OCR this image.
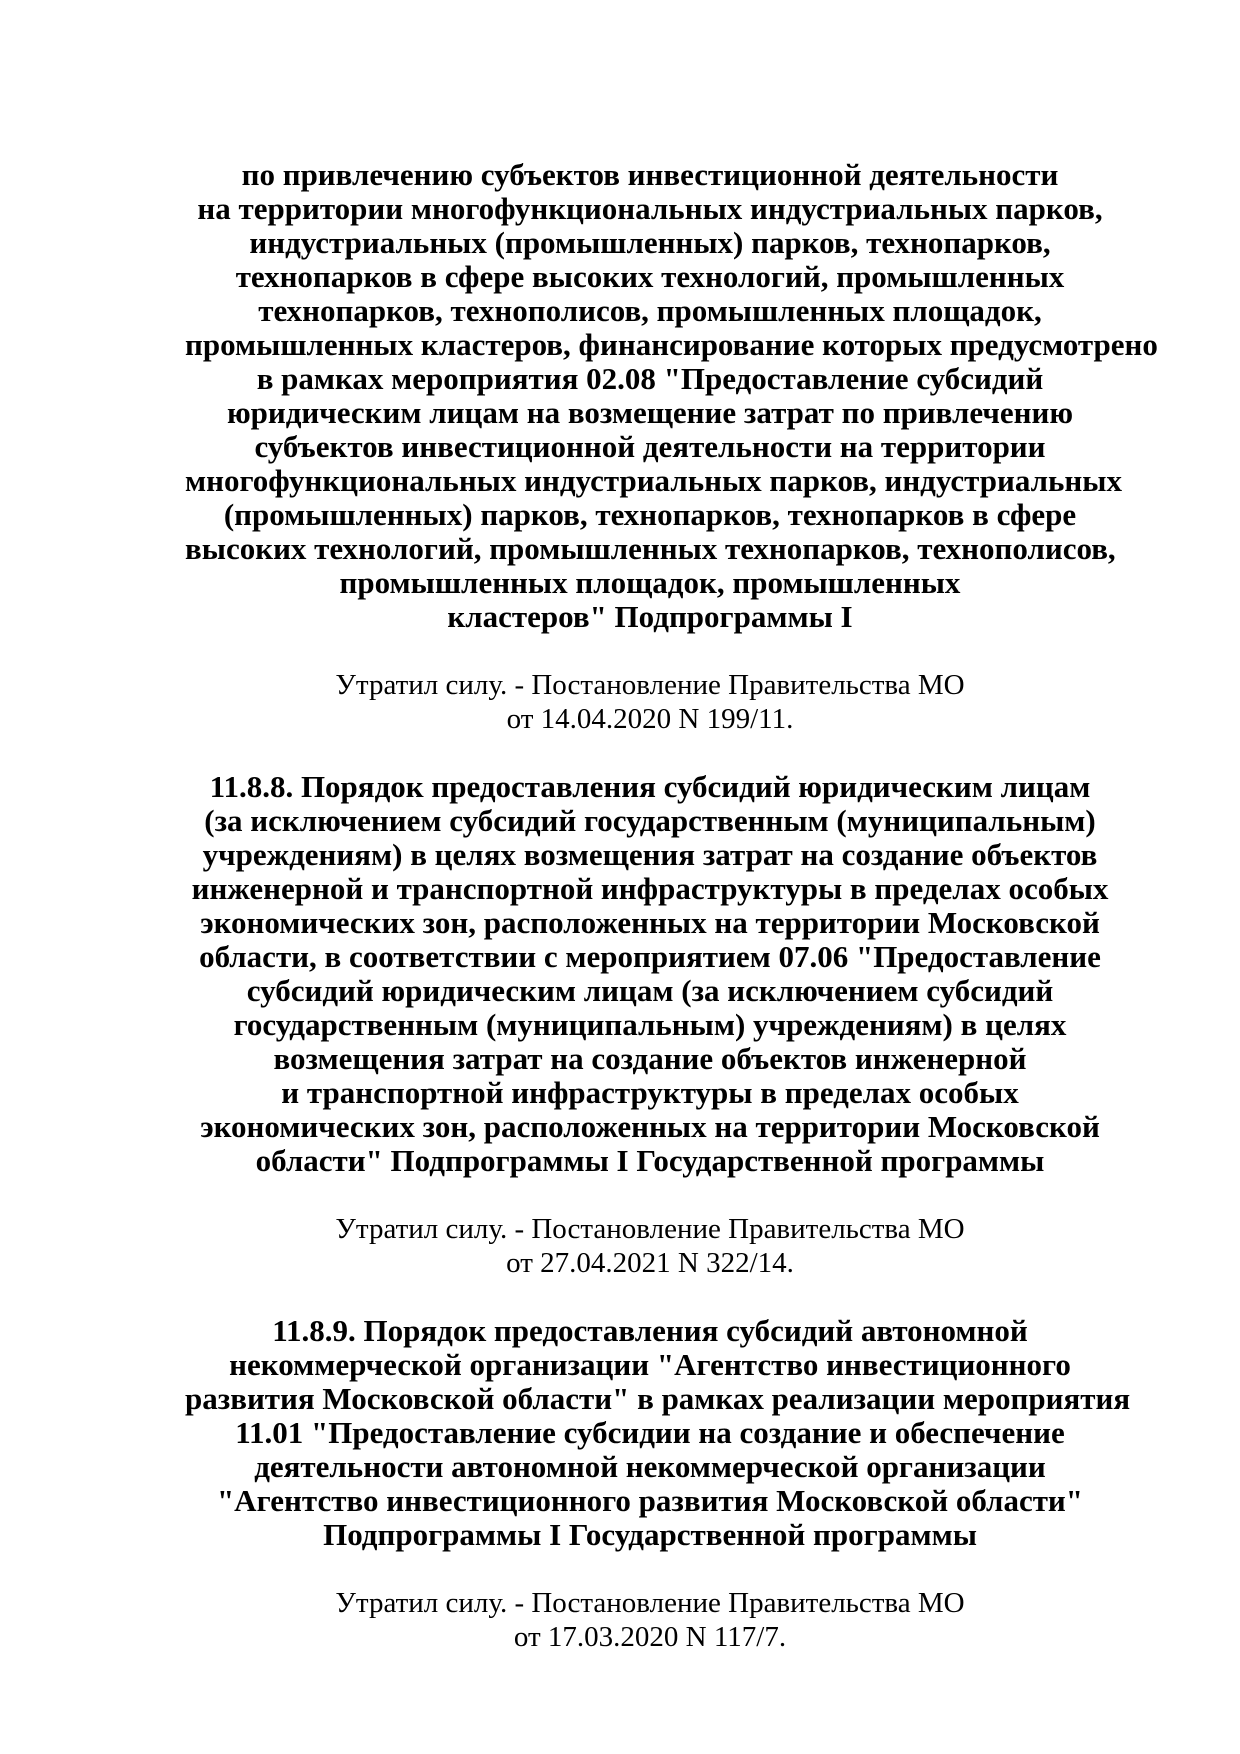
по привлечению субъектов инвестиционной деятельности
на территории многофункциональных индустриальных парков,
индустриальных (промышленных) парков, технопарков,
технопарков в сфере высоких технологий, промышленных
технопарков, технополисов, промышленных площадок,
промышленных кластеров, финансирование которых предусмотрено
в рамках мероприятия 02.08 "Предоставление субсидий
юридическим лицам на возмещение затрат по привлечению
субъектов инвестиционной деятельности на территории
многофункциональных индустриальных парков, индустриальных
(промышленных) парков, технопарков, технопарков в сфере
высоких технологий, промышленных технопарков, технополисов,
промышленных площадок, промышленных
кластеров" Подпрограммы I
Утратил силу. - Постановление Правительства МО
от 14.04.2020 N 199/11.
11.8.8. Порядок предоставления субсидий юридическим лицам
(за исключением субсидий государственным (муниципальным)
учреждениям) в целях возмещения затрат на создание объектов
инженерной и транспортной инфраструктуры в пределах особых
экономических зон, расположенных на территории Московской
области, в соответствии с мероприятием 07.06 "Предоставление
субсидий юридическим лицам (за исключением субсидий
государственным (муниципальным) учреждениям) в целях
возмещения затрат на создание объектов инженерной
и транспортной инфраструктуры в пределах особых
экономических зон, расположенных на территории Московской
области" Подпрограммы I Государственной программы
Утратил силу. - Постановление Правительства МО
от 27.04.2021 N 322/14.
11.8.9. Порядок предоставления субсидий автономной
некоммерческой организации "Агентство инвестиционного
развития Московской области" в рамках реализации мероприятия
11.01 "Предоставление субсидии на создание и обеспечение
деятельности автономной некоммерческой организации
"Агентство инвестиционного развития Московской области"
Подпрограммы I Государственной программы
Утратил силу. - Постановление Правительства МО
от 17.03.2020 N 117/7.
